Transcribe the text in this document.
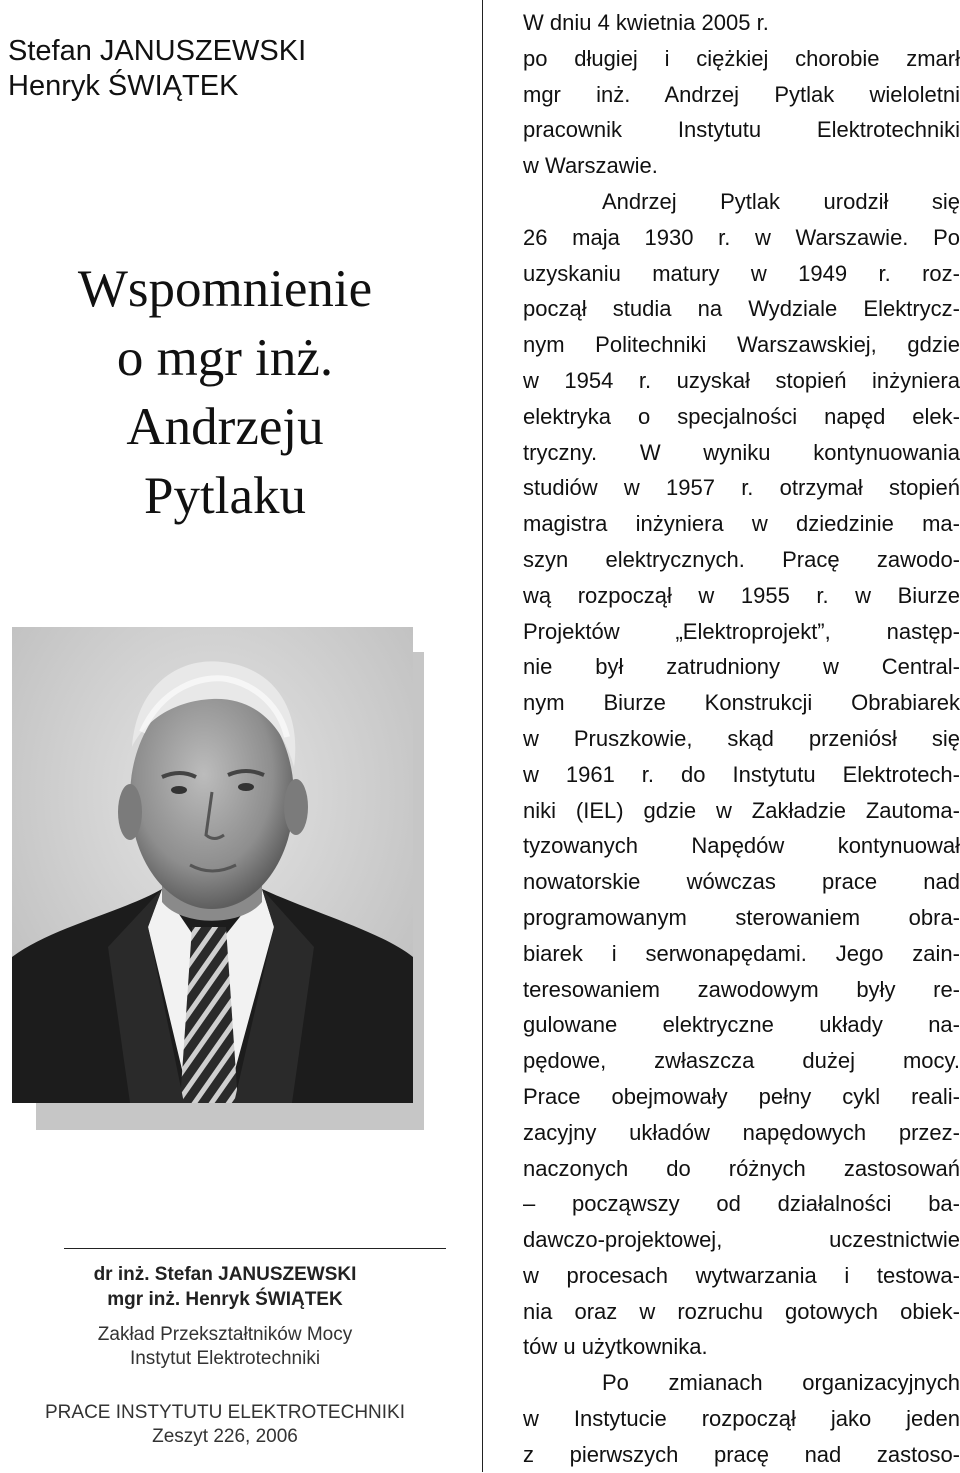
Stefan JANUSZEWSKI
Henryk ŚWIĄTEK
Wspomnienie
o mgr inż.
Andrzeju
Pytlaku
dr inż. Stefan JANUSZEWSKI
mgr inż. Henryk ŚWIĄTEK
Zakład Przekształtników Mocy
Instytut Elektrotechniki
PRACE INSTYTUTU ELEKTROTECHNIKI
Zeszyt 226, 2006
W dniu 4 kwietnia 2005 r.
po długiej i ciężkiej chorobie zmarł
mgr inż. Andrzej Pytlak wieloletni
pracownik Instytutu Elektrotechniki
w Warszawie.
Andrzej Pytlak urodził się
26 maja 1930 r. w Warszawie. Po
uzyskaniu matury w 1949 r. roz-
począł studia na Wydziale Elektrycz-
nym Politechniki Warszawskiej, gdzie
w 1954 r. uzyskał stopień inżyniera
elektryka o specjalności napęd elek-
tryczny. W wyniku kontynuowania
studiów w 1957 r. otrzymał stopień
magistra inżyniera w dziedzinie ma-
szyn elektrycznych. Pracę zawodo-
wą rozpoczął w 1955 r. w Biurze
Projektów „Elektroprojekt”, następ-
nie był zatrudniony w Central-
nym Biurze Konstrukcji Obrabiarek
w Pruszkowie, skąd przeniósł się
w 1961 r. do Instytutu Elektrotech-
niki (IEL) gdzie w Zakładzie Zautoma-
tyzowanych Napędów kontynuował
nowatorskie wówczas prace nad
programowanym sterowaniem obra-
biarek i serwonapędami. Jego zain-
teresowaniem zawodowym były re-
gulowane elektryczne układy na-
pędowe, zwłaszcza dużej mocy.
Prace obejmowały pełny cykl reali-
zacyjny układów napędowych przez-
naczonych do różnych zastosowań
– począwszy od działalności ba-
dawczo-projektowej, uczestnictwie
w procesach wytwarzania i testowa-
nia oraz w rozruchu gotowych obiek-
tów u użytkownika.
Po zmianach organizacyjnych
w Instytucie rozpoczął jako jeden
z pierwszych pracę nad zastoso-
